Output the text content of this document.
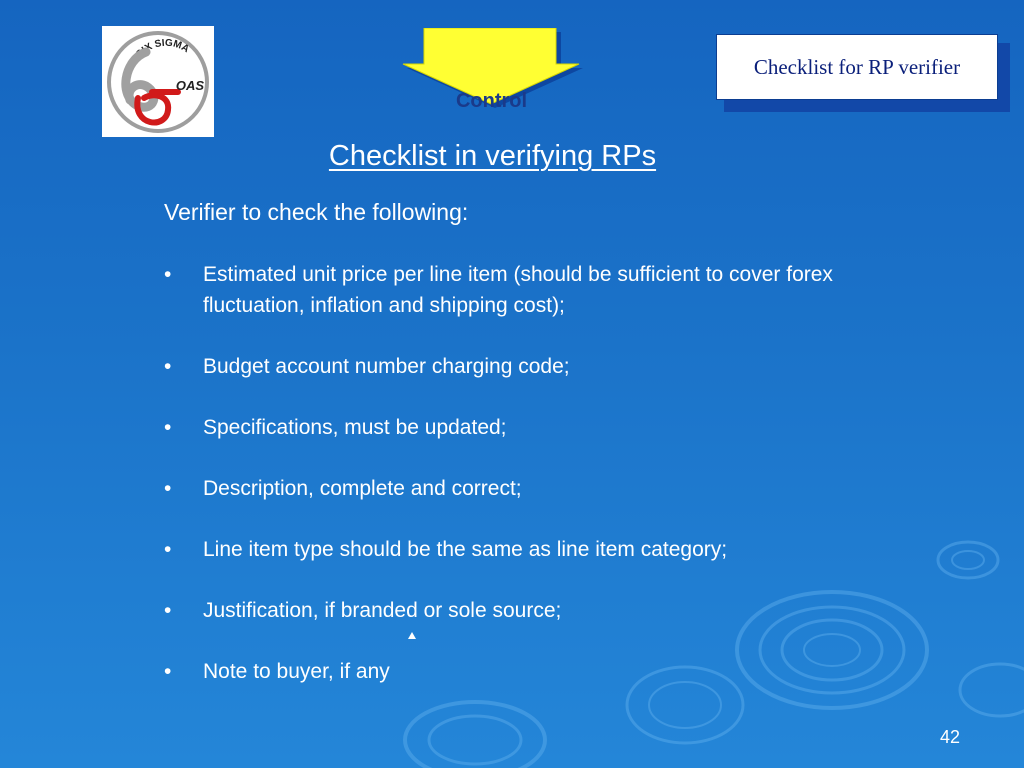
SIX SIGMA
OAS
Control
Checklist for RP verifier
Checklist in verifying RPs
Verifier to check the following:
• Estimated unit price per line item (should be sufficient to cover forex fluctuation, inflation and shipping cost);
• Budget account number charging code;
• Specifications, must be updated;
• Description, complete and correct;
• Line item type should be the same as line item category;
• Justification, if branded or sole source;
• Note to buyer, if any
42
